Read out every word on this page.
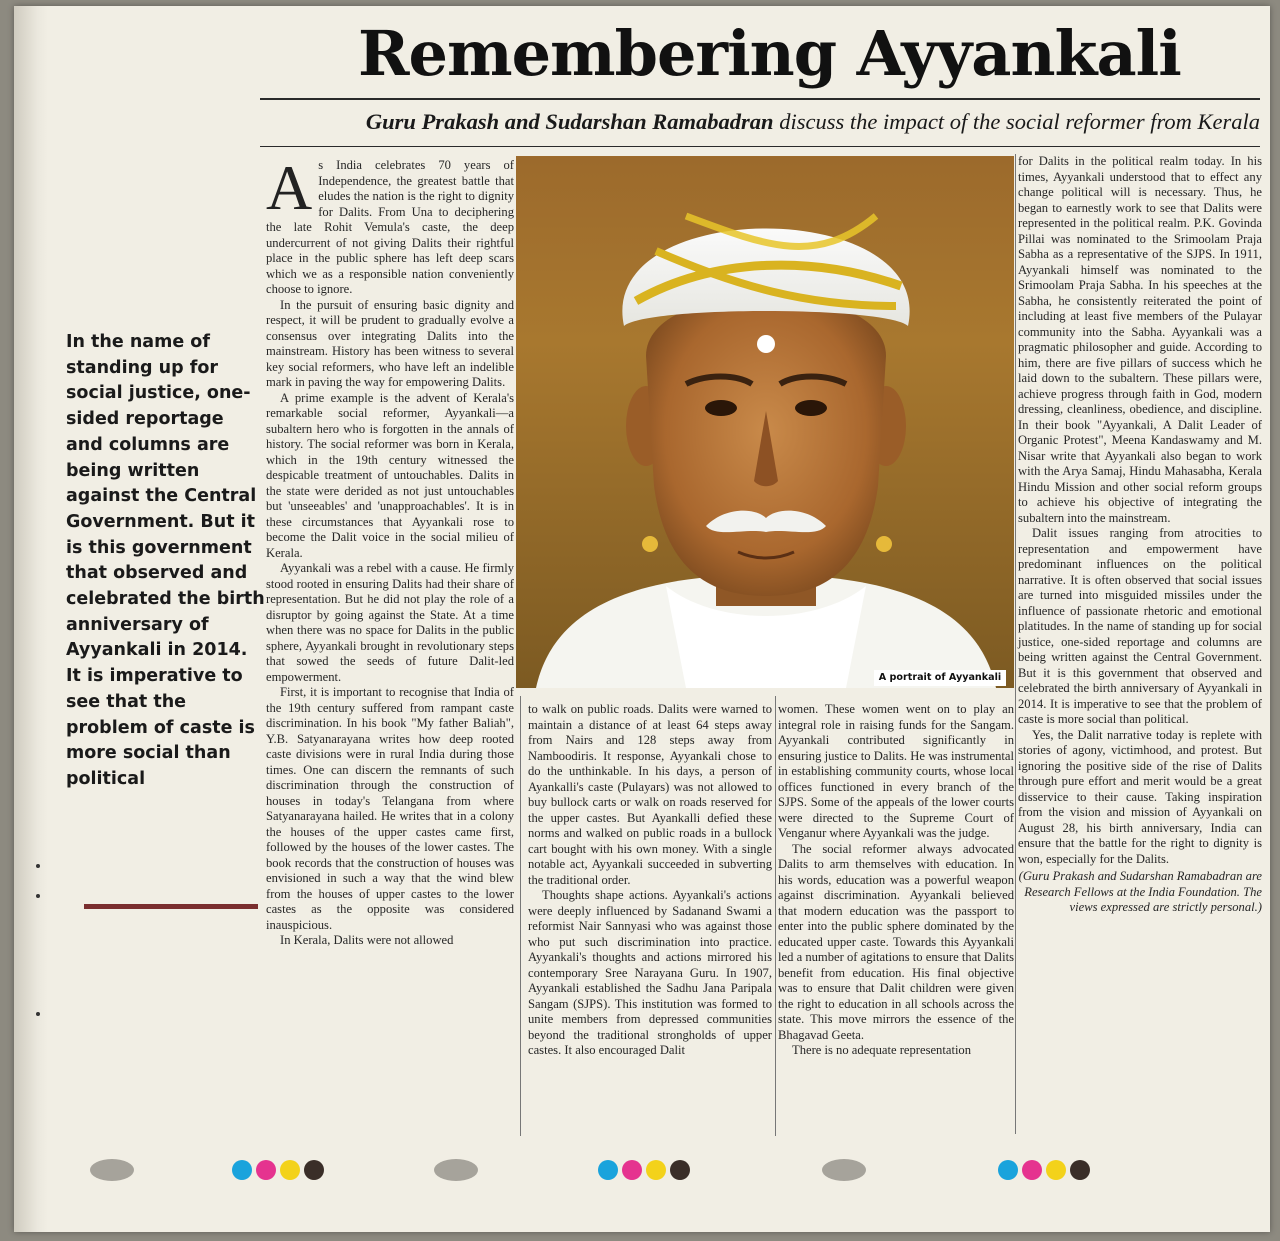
Remembering Ayyankali
Guru Prakash and Sudarshan Ramabadran discuss the impact of the social reformer from Kerala
In the name of standing up for social justice, one-sided reportage and columns are being written against the Central Government. But it is this government that observed and celebrated the birth anniversary of Ayyankali in 2014. It is imperative to see that the problem of caste is more social than political

As India celebrates 70 years of Independence, the greatest battle that eludes the nation is the right to dignity for Dalits. From Una to deciphering the late Rohit Vemula's caste, the deep undercurrent of not giving Dalits their rightful place in the public sphere has left deep scars which we as a responsible nation conveniently choose to ignore.

In the pursuit of ensuring basic dignity and respect, it will be prudent to gradually evolve a consensus over integrating Dalits into the mainstream. History has been witness to several key social reformers, who have left an indelible mark in paving the way for empowering Dalits.

A prime example is the advent of Kerala's remarkable social reformer, Ayyankali—a subaltern hero who is forgotten in the annals of history. The social reformer was born in Kerala, which in the 19th century witnessed the despicable treatment of untouchables. Dalits in the state were derided as not just untouchables but 'unseeables' and 'unapproachables'. It is in these circumstances that Ayyankali rose to become the Dalit voice in the social milieu of Kerala.

Ayyankali was a rebel with a cause. He firmly stood rooted in ensuring Dalits had their share of representation. But he did not play the role of a disruptor by going against the State. At a time when there was no space for Dalits in the public sphere, Ayyankali brought in revolutionary steps that sowed the seeds of future Dalit-led empowerment.

First, it is important to recognise that India of the 19th century suffered from rampant caste discrimination. In his book "My father Baliah", Y.B. Satyanarayana writes how deep rooted caste divisions were in rural India during those times. One can discern the remnants of such discrimination through the construction of houses in today's Telangana from where Satyanarayana hailed. He writes that in a colony the houses of the upper castes came first, followed by the houses of the lower castes. The book records that the construction of houses was envisioned in such a way that the wind blew from the houses of upper castes to the lower castes as the opposite was considered inauspicious.

In Kerala, Dalits were not allowed

A portrait of Ayyankali

to walk on public roads. Dalits were warned to maintain a distance of at least 64 steps away from Nairs and 128 steps away from Namboodiris. It response, Ayyankali chose to do the unthinkable. In his days, a person of Ayankalli's caste (Pulayars) was not allowed to buy bullock carts or walk on roads reserved for the upper castes. But Ayankalli defied these norms and walked on public roads in a bullock cart bought with his own money. With a single notable act, Ayyankali succeeded in subverting the traditional order.

Thoughts shape actions. Ayyankali's actions were deeply influenced by Sadanand Swami a reformist Nair Sannyasi who was against those who put such discrimination into practice. Ayyankali's thoughts and actions mirrored his contemporary Sree Narayana Guru. In 1907, Ayyankali established the Sadhu Jana Paripala Sangam (SJPS). This institution was formed to unite members from depressed communities beyond the traditional strongholds of upper castes. It also encouraged Dalit

women. These women went on to play an integral role in raising funds for the Sangam. Ayyankali contributed significantly in ensuring justice to Dalits. He was instrumental in establishing community courts, whose local offices functioned in every branch of the SJPS. Some of the appeals of the lower courts were directed to the Supreme Court of Venganur where Ayyankali was the judge.

The social reformer always advocated Dalits to arm themselves with education. In his words, education was a powerful weapon against discrimination. Ayyankali believed that modern education was the passport to enter into the public sphere dominated by the educated upper caste. Towards this Ayyankali led a number of agitations to ensure that Dalits benefit from education. His final objective was to ensure that Dalit children were given the right to education in all schools across the state. This move mirrors the essence of the Bhagavad Geeta.

There is no adequate representation

for Dalits in the political realm today. In his times, Ayyankali understood that to effect any change political will is necessary. Thus, he began to earnestly work to see that Dalits were represented in the political realm. P.K. Govinda Pillai was nominated to the Srimoolam Praja Sabha as a representative of the SJPS. In 1911, Ayyankali himself was nominated to the Srimoolam Praja Sabha. In his speeches at the Sabha, he consistently reiterated the point of including at least five members of the Pulayar community into the Sabha. Ayyankali was a pragmatic philosopher and guide. According to him, there are five pillars of success which he laid down to the subaltern. These pillars were, achieve progress through faith in God, modern dressing, cleanliness, obedience, and discipline. In their book "Ayyankali, A Dalit Leader of Organic Protest", Meena Kandaswamy and M. Nisar write that Ayyankali also began to work with the Arya Samaj, Hindu Mahasabha, Kerala Hindu Mission and other social reform groups to achieve his objective of integrating the subaltern into the mainstream.

Dalit issues ranging from atrocities to representation and empowerment have predominant influences on the political narrative. It is often observed that social issues are turned into misguided missiles under the influence of passionate rhetoric and emotional platitudes. In the name of standing up for social justice, one-sided reportage and columns are being written against the Central Government. But it is this government that observed and celebrated the birth anniversary of Ayyankali in 2014. It is imperative to see that the problem of caste is more social than political.

Yes, the Dalit narrative today is replete with stories of agony, victimhood, and protest. But ignoring the positive side of the rise of Dalits through pure effort and merit would be a great disservice to their cause. Taking inspiration from the vision and mission of Ayyankali on August 28, his birth anniversary, India can ensure that the battle for the right to dignity is won, especially for the Dalits.

(Guru Prakash and Sudarshan Ramabadran are Research Fellows at the India Foundation. The views expressed are strictly personal.)
